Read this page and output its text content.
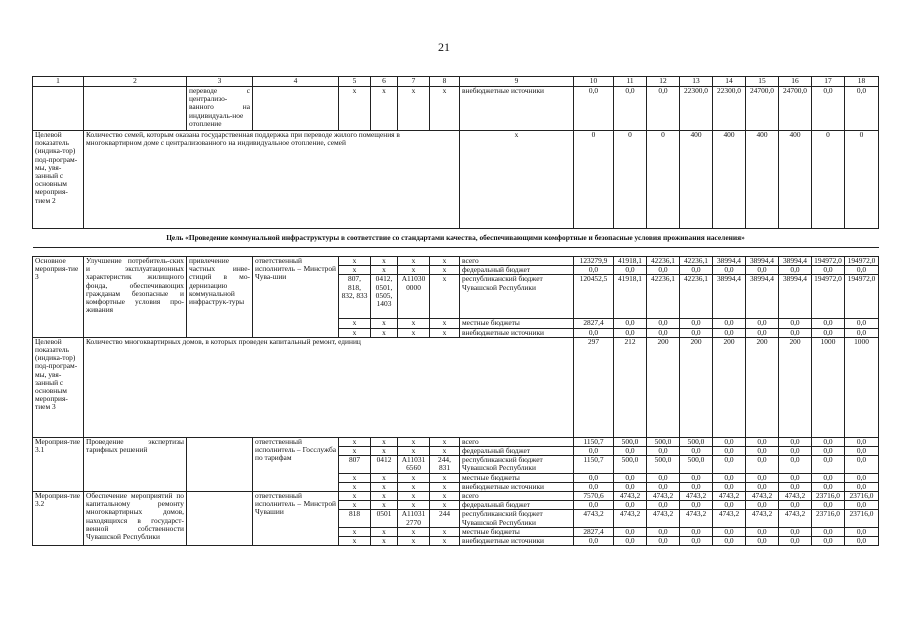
21
1	2	3	4	5	6	7	8	9	10	11	12	13	14	15	16	17	18
		переводе с централизо-ванного на индивидуаль-ное отопление		x	x	x	x	внебюджетные источники	0,0	0,0	0,0	22300,0	22300,0	24700,0	24700,0	0,0	0,0
Целевой показатель (индика-тор) под-програм-мы, увя-занный с основным мероприя-тием 2	Количество семей, которым оказана государственная поддержка при переводе жилого помещения в многоквартирном доме с централизованного на индивидуальное отопление, семей							x	0	0	0	400	400	400	400	0	0
Цель «Проведение коммунальной инфраструктуры в соответствие со стандартами качества, обеспечивающими комфортные и безопасные условия проживания населения»																	

Основное мероприя-тие 3	Улучшение потребитель-ских и эксплуатационных характеристик жилищного фонда, обеспечивающих гражданам безопасные и комфортные условия про-живания	привлечение частных инве-стиций в мо-дернизацию коммунальной инфраструк-туры	ответственный исполнитель – Минстрой Чува-шии	x	x	x	x	всего	123279,9	41918,1	42236,1	42236,1	38994,4	38994,4	38994,4	194972,0	194972,0
				x	x	x	x	федеральный бюджет	0,0	0,0	0,0	0,0	0,0	0,0	0,0	0,0	0,0
				807, 818, 832, 833	0412, 0501, 0505, 1403	А11030 0000	x	республиканский бюджет Чувашской Республики	120452,5	41918,1	42236,1	42236,1	38994,4	38994,4	38994,4	194972,0	194972,0
				x	x	x	x	местные бюджеты	2827,4	0,0	0,0	0,0	0,0	0,0	0,0	0,0	0,0
				x	x	x	x	внебюджетные источники	0,0	0,0	0,0	0,0	0,0	0,0	0,0	0,0	0,0
Целевой показатель (индика-тор) под-програм-мы, увя-занный с основным мероприя-тием 3	Количество многоквартирных домов, в которых проведен капитальный ремонт, единиц								297	212	200	200	200	200	200	1000	1000
Мероприя-тие 3.1	Проведение экспертизы тарифных решений		ответственный исполнитель – Госслужба по тарифам	x	x	x	x	всего	1150,7	500,0	500,0	500,0	0,0	0,0	0,0	0,0	0,0
				x	x	x	x	федеральный бюджет	0,0	0,0	0,0	0,0	0,0	0,0	0,0	0,0	0,0
				807	0412	А11031 6560	244, 831	республиканский бюджет Чувашской Республики	1150,7	500,0	500,0	500,0	0,0	0,0	0,0	0,0	0,0
				x	x	x	x	местные бюджеты	0,0	0,0	0,0	0,0	0,0	0,0	0,0	0,0	0,0
				x	x	x	x	внебюджетные источники	0,0	0,0	0,0	0,0	0,0	0,0	0,0	0,0	0,0
Мероприя-тие 3.2	Обеспечение мероприятий по капитальному ремонту многоквартирных домов, находящихся в государст-венной собственности Чувашской Республики		ответственный исполнитель – Минстрой Чувашии	x	x	x	x	всего	7570,6	4743,2	4743,2	4743,2	4743,2	4743,2	4743,2	23716,0	23716,0
				x	x	x	x	федеральный бюджет	0,0	0,0	0,0	0,0	0,0	0,0	0,0	0,0	0,0
				818	0501	А11031 2770	244	республиканский бюджет Чувашской Республики	4743,2	4743,2	4743,2	4743,2	4743,2	4743,2	4743,2	23716,0	23716,0
				x	x	x	x	местные бюджеты	2827,4	0,0	0,0	0,0	0,0	0,0	0,0	0,0	0,0
				x	x	x	x	внебюджетные источники	0,0	0,0	0,0	0,0	0,0	0,0	0,0	0,0	0,0
